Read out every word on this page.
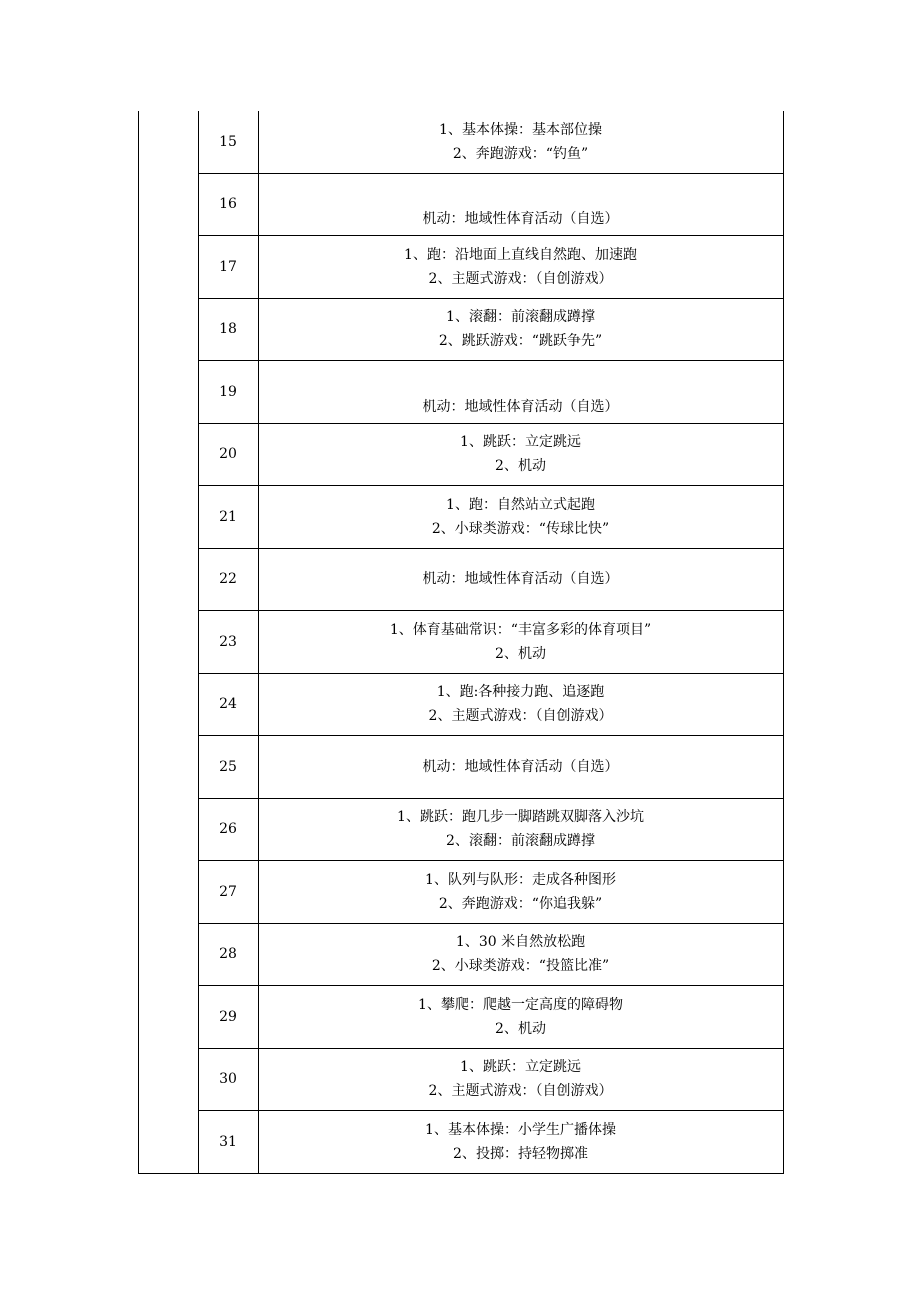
15
1、基本体操：基本部位操
2、奔跑游戏：“钓鱼”
16
机动：地域性体育活动（自选）
17
1、跑：沿地面上直线自然跑、加速跑
2、主题式游戏：（自创游戏）
18
1、滚翻：前滚翻成蹲撑
2、跳跃游戏：“跳跃争先”
19
机动：地域性体育活动（自选）
20
1、跳跃：立定跳远
2、机动
21
1、跑：自然站立式起跑
2、小球类游戏：“传球比快”
22	机动：地域性体育活动（自选）
23
1、体育基础常识：“丰富多彩的体育项目”
2、机动
24
1、跑:各种接力跑、追逐跑
2、主题式游戏：（自创游戏）
25	机动：地域性体育活动（自选）
26
1、跳跃：跑几步一脚踏跳双脚落入沙坑
2、滚翻：前滚翻成蹲撑
27
1、队列与队形：走成各种图形
2、奔跑游戏：“你追我躲”
28
1、30 米自然放松跑
2、小球类游戏：“投篮比准”
29
1、攀爬：爬越一定高度的障碍物
2、机动
30
1、跳跃：立定跳远
2、主题式游戏：（自创游戏）
31
1、基本体操：小学生广播体操
2、投掷：持轻物掷准
